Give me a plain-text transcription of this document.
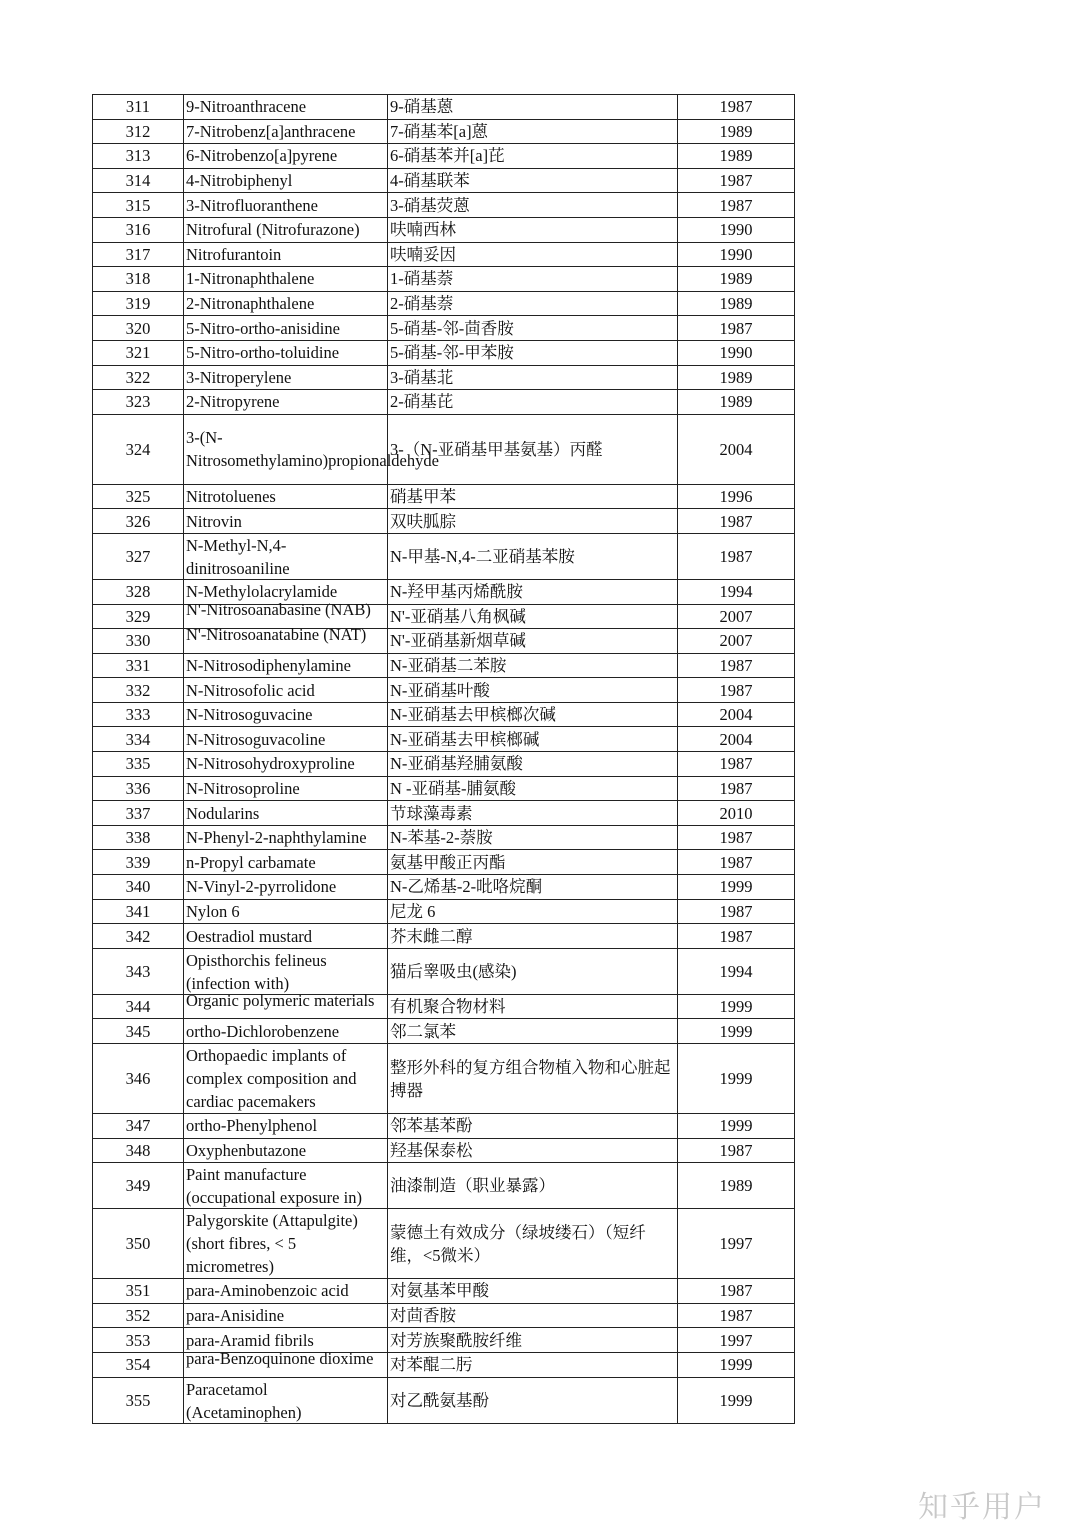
311	9-Nitroanthracene	9-硝基蒽	1987

312	7-Nitrobenz[a]anthracene	7-硝基苯[a]蒽	1989

313	6-Nitrobenzo[a]pyrene	6-硝基苯并[a]芘	1989

314	4-Nitrobiphenyl	4-硝基联苯	1987

315	3-Nitrofluoranthene	3-硝基荧蒽	1987

316	Nitrofural (Nitrofurazone)	呋喃西林	1990

317	Nitrofurantoin	呋喃妥因	1990

318	1-Nitronaphthalene	1-硝基萘	1989

319	2-Nitronaphthalene	2-硝基萘	1989

320	5-Nitro-ortho-anisidine	5-硝基-邻-茴香胺	1987

321	5-Nitro-ortho-toluidine	5-硝基-邻-甲苯胺	1990

322	3-Nitroperylene	3-硝基苝	1989

323	2-Nitropyrene	2-硝基芘	1989

324	3-(N-Nitrosomethylamino)propionaldehyde	3-（N-亚硝基甲基氨基）丙醛	2004

325	Nitrotoluenes	硝基甲苯	1996

326	Nitrovin	双呋胍腙	1987

327	N-Methyl-N,4-dinitrosoaniline	N-甲基-N,4-二亚硝基苯胺	1987

328	N-Methylolacrylamide	N-羟甲基丙烯酰胺	1994

329	N'-Nitrosoanabasine (NAB)	N'-亚硝基八角枫碱	2007

330	N'-Nitrosoanatabine (NAT)	N'-亚硝基新烟草碱	2007

331	N-Nitrosodiphenylamine	N-亚硝基二苯胺	1987

332	N-Nitrosofolic acid	N-亚硝基叶酸	1987

333	N-Nitrosoguvacine	N-亚硝基去甲槟榔次碱	2004

334	N-Nitrosoguvacoline	N-亚硝基去甲槟榔碱	2004

335	N-Nitrosohydroxyproline	N-亚硝基羟脯氨酸	1987

336	N-Nitrosoproline	N -亚硝基-脯氨酸	1987

337	Nodularins	节球藻毒素	2010

338	N-Phenyl-2-naphthylamine	N-苯基-2-萘胺	1987

339	n-Propyl carbamate	氨基甲酸正丙酯	1987

340	N-Vinyl-2-pyrrolidone	N-乙烯基-2-吡咯烷酮	1999

341	Nylon 6	尼龙 6	1987

342	Oestradiol mustard	芥末雌二醇	1987

343	Opisthorchis felineus (infection with)	猫后睾吸虫(感染)	1994

344	Organic polymeric materials	有机聚合物材料	1999

345	ortho-Dichlorobenzene	邻二氯苯	1999

346	Orthopaedic implants of complex composition and cardiac pacemakers	整形外科的复方组合物植入物和心脏起搏器	1999

347	ortho-Phenylphenol	邻苯基苯酚	1999

348	Oxyphenbutazone	羟基保泰松	1987

349	Paint manufacture (occupational exposure in)	油漆制造（职业暴露）	1989

350	Palygorskite (Attapulgite)(short fibres, < 5 micrometres)	蒙德土有效成分（绿坡缕石）（短纤维，<5微米）	1997

351	para-Aminobenzoic acid	对氨基苯甲酸	1987

352	para-Anisidine	对茴香胺	1987

353	para-Aramid fibrils	对芳族聚酰胺纤维	1997

354	para-Benzoquinone dioxime	对苯醌二肟	1999

355	Paracetamol (Acetaminophen)	对乙酰氨基酚	1999
知乎用户
